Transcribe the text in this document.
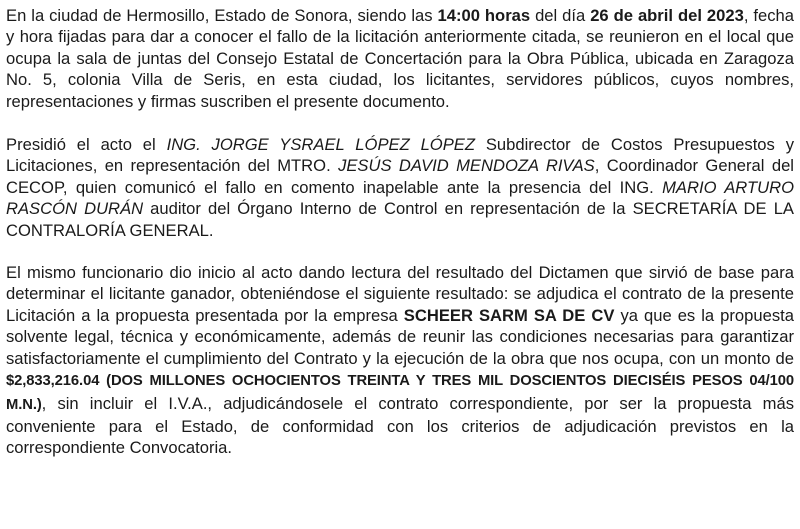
En la ciudad de Hermosillo, Estado de Sonora, siendo las 14:00 horas del día 26 de abril del 2023, fecha y hora fijadas para dar a conocer el fallo de la licitación anteriormente citada, se reunieron en el local que ocupa la sala de juntas del Consejo Estatal de Concertación para la Obra Pública, ubicada en Zaragoza No. 5, colonia Villa de Seris, en esta ciudad, los licitantes, servidores públicos, cuyos nombres, representaciones y firmas suscriben el presente documento.

Presidió el acto el ING. JORGE YSRAEL LÓPEZ LÓPEZ Subdirector de Costos Presupuestos y Licitaciones, en representación del MTRO. JESÚS DAVID MENDOZA RIVAS, Coordinador General del CECOP, quien comunicó el fallo en comento inapelable ante la presencia del ING. MARIO ARTURO RASCÓN DURÁN auditor del Órgano Interno de Control en representación de la SECRETARÍA DE LA CONTRALORÍA GENERAL.

El mismo funcionario dio inicio al acto dando lectura del resultado del Dictamen que sirvió de base para determinar el licitante ganador, obteniéndose el siguiente resultado: se adjudica el contrato de la presente Licitación a la propuesta presentada por la empresa SCHEER SARM SA DE CV ya que es la propuesta solvente legal, técnica y económicamente, además de reunir las condiciones necesarias para garantizar satisfactoriamente el cumplimiento del Contrato y la ejecución de la obra que nos ocupa, con un monto de $2,833,216.04 (DOS MILLONES OCHOCIENTOS TREINTA Y TRES MIL DOSCIENTOS DIECISÉIS PESOS 04/100 M.N.), sin incluir el I.V.A., adjudicándosele el contrato correspondiente, por ser la propuesta más conveniente para el Estado, de conformidad con los criterios de adjudicación previstos en la correspondiente Convocatoria.
